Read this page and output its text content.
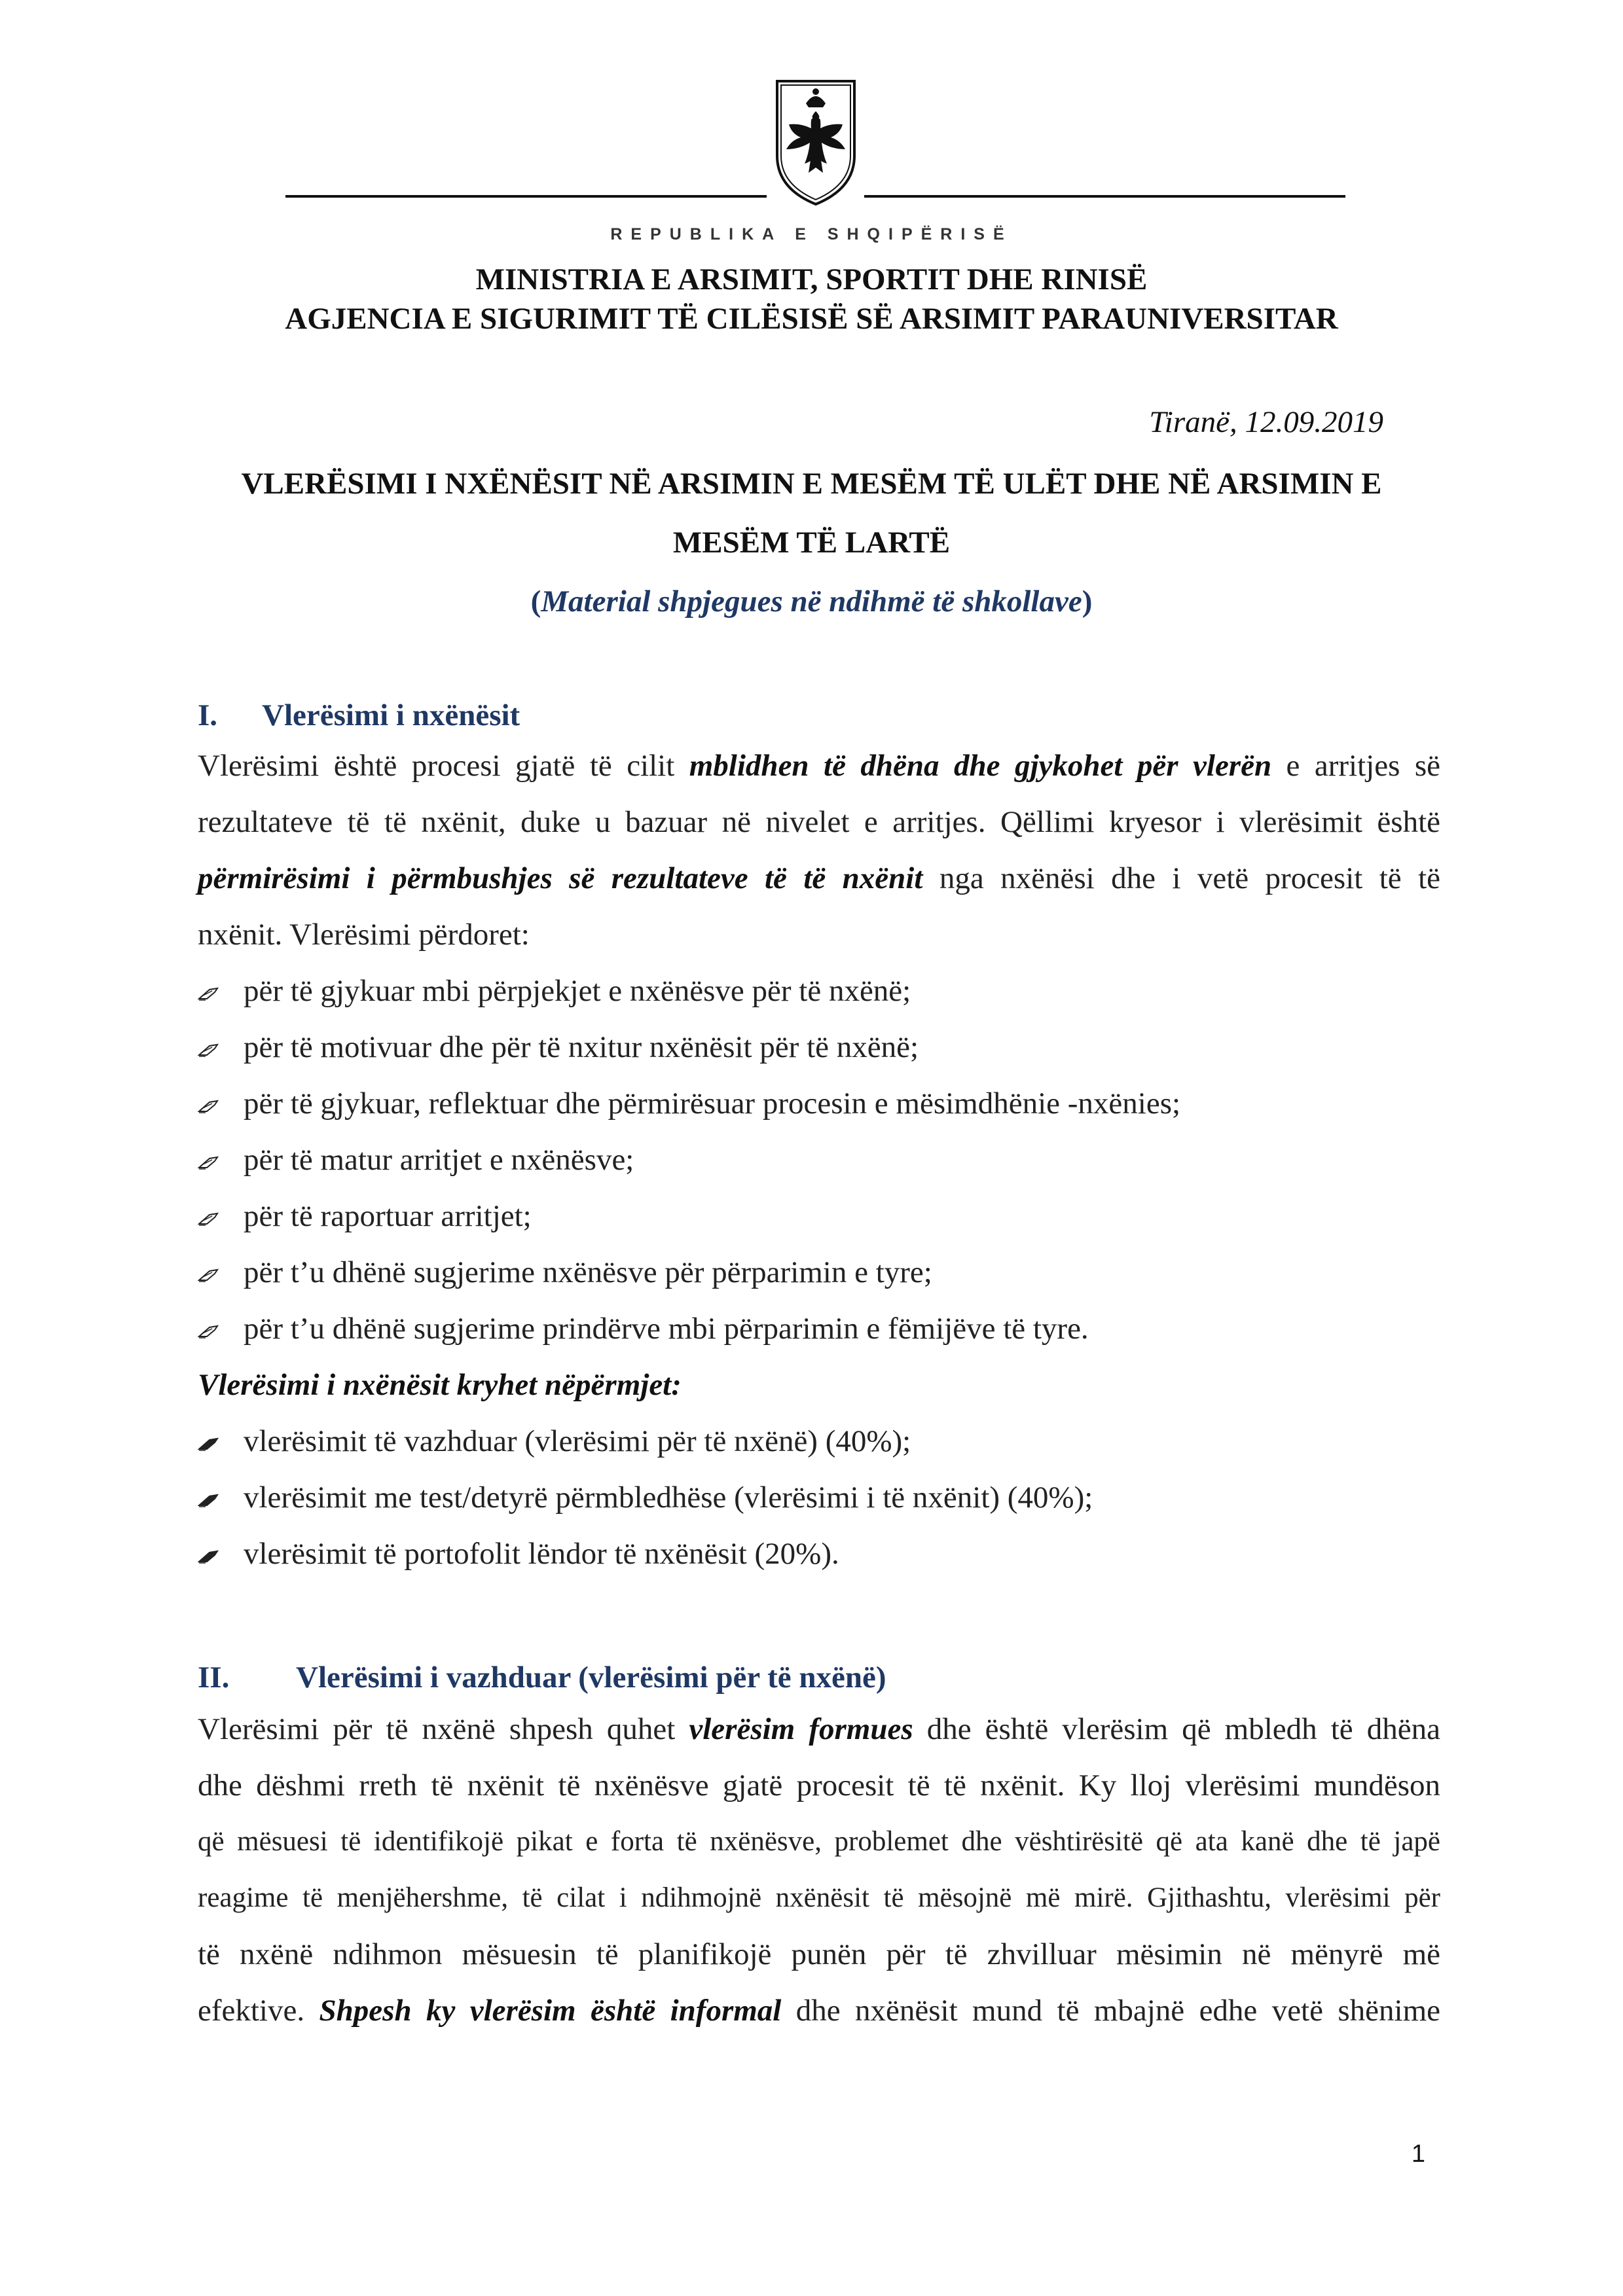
REPUBLIKA E SHQIPËRISË
MINISTRIA E ARSIMIT, SPORTIT DHE RINISË
AGJENCIA E SIGURIMIT TË CILËSISË SË ARSIMIT PARAUNIVERSITAR
Tiranë, 12.09.2019
VLERËSIMI I NXËNËSIT NË ARSIMIN E MESËM TË ULËT DHE NË ARSIMIN E
MESËM TË LARTË
(Material shpjegues në ndihmë të shkollave)
I. Vlerësimi i nxënësit
Vlerësimi është procesi gjatë të cilit mblidhen të dhëna dhe gjykohet për vlerën e arritjes së
rezultateve të të nxënit, duke u bazuar në nivelet e arritjes. Qëllimi kryesor i vlerësimit është
përmirësimi i përmbushjes së rezultateve të të nxënit nga nxënësi dhe i vetë procesit të të
nxënit. Vlerësimi përdoret:
për të gjykuar mbi përpjekjet e nxënësve për të nxënë;
për të motivuar dhe për të nxitur nxënësit për të nxënë;
për të gjykuar, reflektuar dhe përmirësuar procesin e mësimdhënie -nxënies;
për të matur arritjet e nxënësve;
për të raportuar arritjet;
për t’u dhënë sugjerime nxënësve për përparimin e tyre;
për t’u dhënë sugjerime prindërve mbi përparimin e fëmijëve të tyre.
Vlerësimi i nxënësit kryhet nëpërmjet:
vlerësimit të vazhduar (vlerësimi për të nxënë) (40%);
vlerësimit me test/detyrë përmbledhëse (vlerësimi i të nxënit) (40%);
vlerësimit të portofolit lëndor të nxënësit (20%).
II. Vlerësimi i vazhduar (vlerësimi për të nxënë)
Vlerësimi për të nxënë shpesh quhet vlerësim formues dhe është vlerësim që mbledh të dhëna
dhe dëshmi rreth të nxënit të nxënësve gjatë procesit të të nxënit. Ky lloj vlerësimi mundëson
që mësuesi të identifikojë pikat e forta të nxënësve, problemet dhe vështirësitë që ata kanë dhe të japë
reagime të menjëhershme, të cilat i ndihmojnë nxënësit të mësojnë më mirë. Gjithashtu, vlerësimi për
të nxënë ndihmon mësuesin të planifikojë punën për të zhvilluar mësimin në mënyrë më
efektive. Shpesh ky vlerësim është informal dhe nxënësit mund të mbajnë edhe vetë shënime
1
